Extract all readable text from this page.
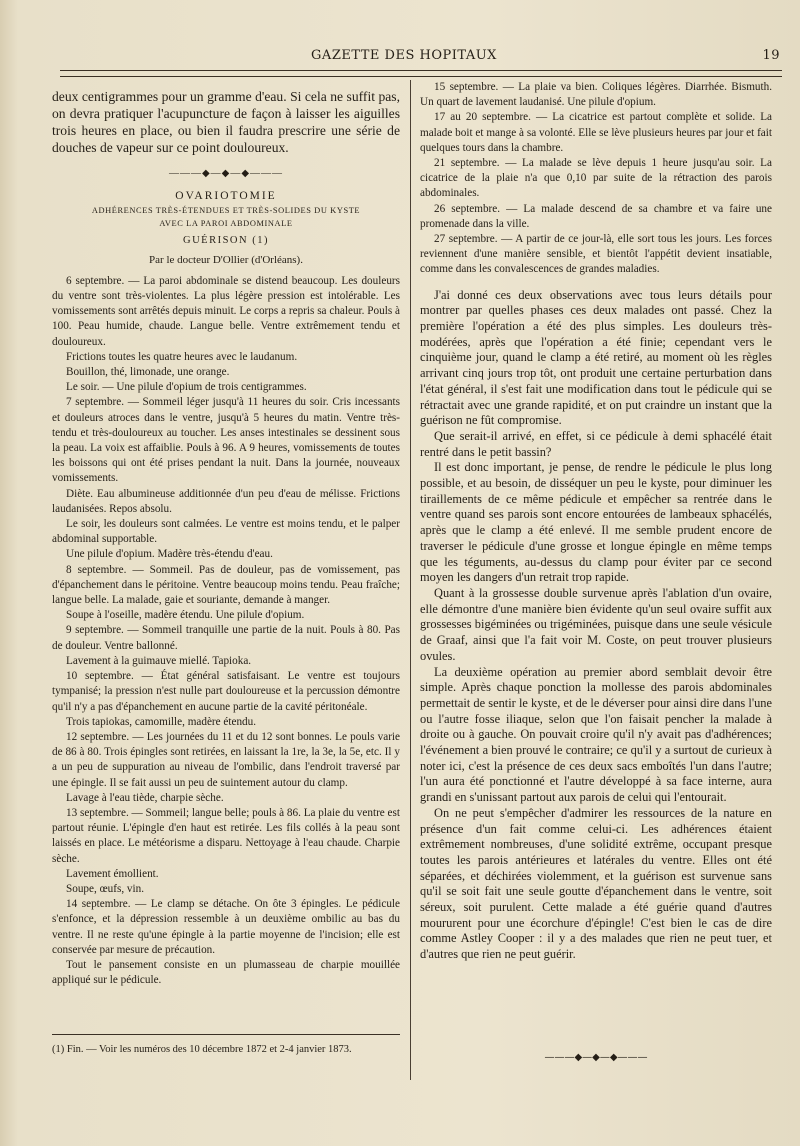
GAZETTE DES HOPITAUX	19

deux centigrammes pour un gramme d'eau. Si cela ne suffit pas, on devra pratiquer l'acupuncture de façon à laisser les aiguilles trois heures en place, ou bien il faudra prescrire une série de douches de vapeur sur ce point douloureux.

———◆—◆—◆———
OVARIOTOMIE
ADHÉRENCES TRÈS-ÉTENDUES ET TRÈS-SOLIDES DU KYSTE
AVEC LA PAROI ABDOMINALE
GUÉRISON (1)
Par le docteur D'Ollier (d'Orléans).

6 septembre. — La paroi abdominale se distend beaucoup. Les douleurs du ventre sont très-violentes. La plus légère pression est intolérable. Les vomissements sont arrêtés depuis minuit. Le corps a repris sa chaleur. Pouls à 100. Peau humide, chaude. Langue belle. Ventre extrêmement tendu et douloureux.

Frictions toutes les quatre heures avec le laudanum.

Bouillon, thé, limonade, une orange.

Le soir. — Une pilule d'opium de trois centigrammes.

7 septembre. — Sommeil léger jusqu'à 11 heures du soir. Cris incessants et douleurs atroces dans le ventre, jusqu'à 5 heures du matin. Ventre très-tendu et très-douloureux au toucher. Les anses intestinales se dessinent sous la peau. La voix est affaiblie. Pouls à 96. A 9 heures, vomissements de toutes les boissons qui ont été prises pendant la nuit. Dans la journée, nouveaux vomissements.

Diète. Eau albumineuse additionnée d'un peu d'eau de mélisse. Frictions laudanisées. Repos absolu.

Le soir, les douleurs sont calmées. Le ventre est moins tendu, et le palper abdominal supportable.

Une pilule d'opium. Madère très-étendu d'eau.

8 septembre. — Sommeil. Pas de douleur, pas de vomissement, pas d'épanchement dans le péritoine. Ventre beaucoup moins tendu. Peau fraîche; langue belle. La malade, gaie et souriante, demande à manger.

Soupe à l'oseille, madère étendu. Une pilule d'opium.

9 septembre. — Sommeil tranquille une partie de la nuit. Pouls à 80. Pas de douleur. Ventre ballonné.

Lavement à la guimauve miellé. Tapioka.

10 septembre. — État général satisfaisant. Le ventre est toujours tympanisé; la pression n'est nulle part douloureuse et la percussion démontre qu'il n'y a pas d'épanchement en aucune partie de la cavité péritonéale.

Trois tapiokas, camomille, madère étendu.

12 septembre. — Les journées du 11 et du 12 sont bonnes. Le pouls varie de 86 à 80. Trois épingles sont retirées, en laissant la 1re, la 3e, la 5e, etc. Il y a un peu de suppuration au niveau de l'ombilic, dans l'endroit traversé par une épingle. Il se fait aussi un peu de suintement autour du clamp.

Lavage à l'eau tiède, charpie sèche.

13 septembre. — Sommeil; langue belle; pouls à 86. La plaie du ventre est partout réunie. L'épingle d'en haut est retirée. Les fils collés à la peau sont laissés en place. Le météorisme a disparu. Nettoyage à l'eau chaude. Charpie sèche.

Lavement émollient.

Soupe, œufs, vin.

14 septembre. — Le clamp se détache. On ôte 3 épingles. Le pédicule s'enfonce, et la dépression ressemble à un deuxième ombilic au bas du ventre. Il ne reste qu'une épingle à la partie moyenne de l'incision; elle est conservée par mesure de précaution.

Tout le pansement consiste en un plumasseau de charpie mouillée appliqué sur le pédicule.

(1) Fin. — Voir les numéros des 10 décembre 1872 et 2-4 janvier 1873.

15 septembre. — La plaie va bien. Coliques légères. Diarrhée. Bismuth. Un quart de lavement laudanisé. Une pilule d'opium.

17 au 20 septembre. — La cicatrice est partout complète et solide. La malade boit et mange à sa volonté. Elle se lève plusieurs heures par jour et fait quelques tours dans la chambre.

21 septembre. — La malade se lève depuis 1 heure jusqu'au soir. La cicatrice de la plaie n'a que 0,10 par suite de la rétraction des parois abdominales.

26 septembre. — La malade descend de sa chambre et va faire une promenade dans la ville.

27 septembre. — A partir de ce jour-là, elle sort tous les jours. Les forces reviennent d'une manière sensible, et bientôt l'appétit devient insatiable, comme dans les convalescences de grandes maladies.

J'ai donné ces deux observations avec tous leurs détails pour montrer par quelles phases ces deux malades ont passé. Chez la première l'opération a été des plus simples. Les douleurs très-modérées, après que l'opération a été finie; cependant vers le cinquième jour, quand le clamp a été retiré, au moment où les règles arrivant cinq jours trop tôt, ont produit une certaine perturbation dans l'état général, il s'est fait une modification dans tout le pédicule qui se rétractait avec une grande rapidité, et on put craindre un instant que la guérison ne fût compromise.

Que serait-il arrivé, en effet, si ce pédicule à demi sphacélé était rentré dans le petit bassin?

Il est donc important, je pense, de rendre le pédicule le plus long possible, et au besoin, de disséquer un peu le kyste, pour diminuer les tiraillements de ce même pédicule et empêcher sa rentrée dans le ventre quand ses parois sont encore entourées de lambeaux sphacélés, après que le clamp a été enlevé. Il me semble prudent encore de traverser le pédicule d'une grosse et longue épingle en même temps que les téguments, au-dessus du clamp pour éviter par ce second moyen les dangers d'un retrait trop rapide.

Quant à la grossesse double survenue après l'ablation d'un ovaire, elle démontre d'une manière bien évidente qu'un seul ovaire suffit aux grossesses bigéminées ou trigéminées, puisque dans une seule vésicule de Graaf, ainsi que l'a fait voir M. Coste, on peut trouver plusieurs ovules.

La deuxième opération au premier abord semblait devoir être simple. Après chaque ponction la mollesse des parois abdominales permettait de sentir le kyste, et de le déverser pour ainsi dire dans l'une ou l'autre fosse iliaque, selon que l'on faisait pencher la malade à droite ou à gauche. On pouvait croire qu'il n'y avait pas d'adhérences; l'événement a bien prouvé le contraire; ce qu'il y a surtout de curieux à noter ici, c'est la présence de ces deux sacs emboîtés l'un dans l'autre; l'un aura été ponctionné et l'autre développé à sa face interne, aura grandi en s'unissant partout aux parois de celui qui l'entourait.

On ne peut s'empêcher d'admirer les ressources de la nature en présence d'un fait comme celui-ci. Les adhérences étaient extrêmement nombreuses, d'une solidité extrême, occupant presque toutes les parois antérieures et latérales du ventre. Elles ont été séparées, et déchirées violemment, et la guérison est survenue sans qu'il se soit fait une seule goutte d'épanchement dans le ventre, soit séreux, soit purulent. Cette malade a été guérie quand d'autres moururent pour une écorchure d'épingle! C'est bien le cas de dire comme Astley Cooper : il y a des malades que rien ne peut tuer, et d'autres que rien ne peut guérir.

———◆—◆—◆———
